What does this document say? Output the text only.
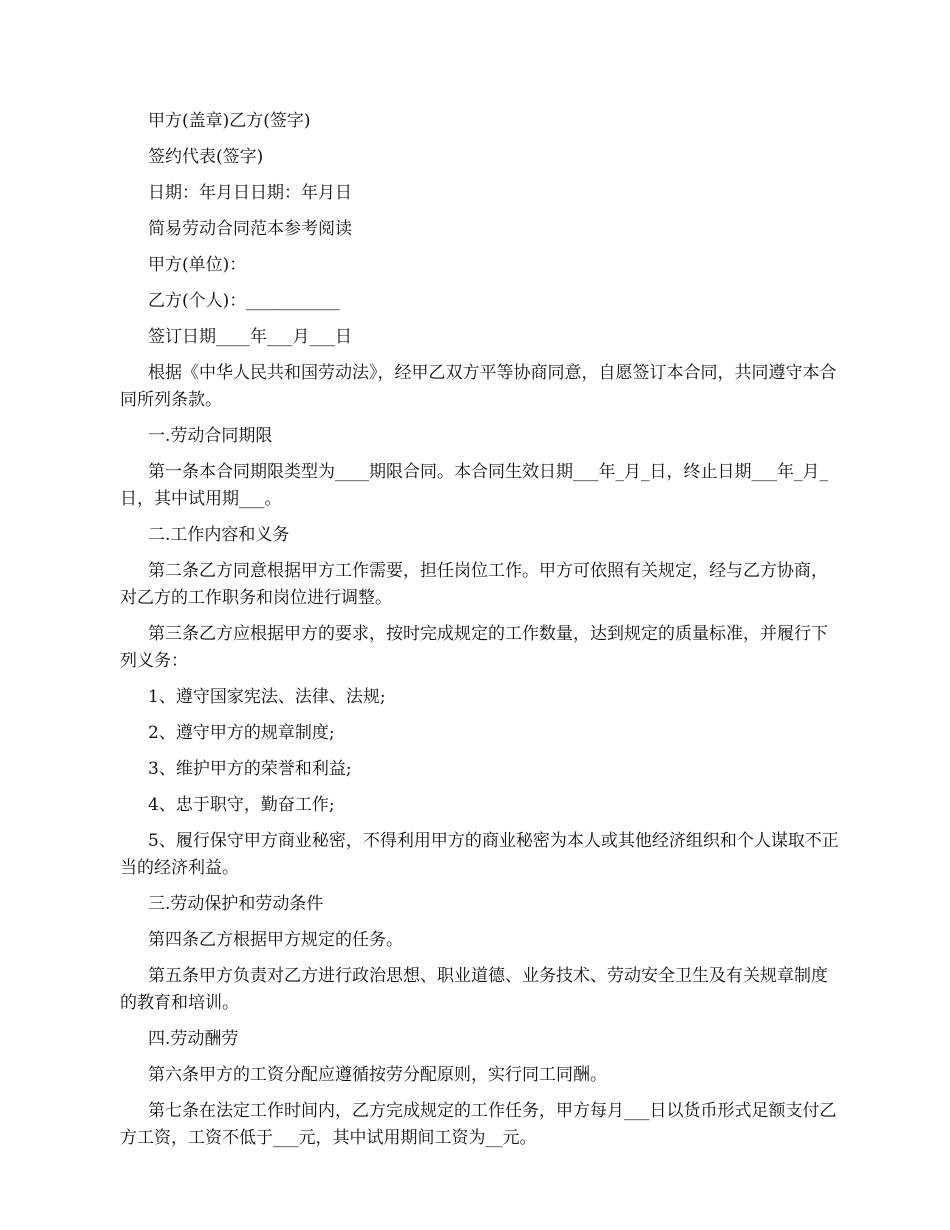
甲方(盖章)乙方(签字)

签约代表(签字)

日期：年月日日期：年月日

简易劳动合同范本参考阅读

甲方(单位)：

乙方(个人)：___________

签订日期____年___月___日

根据《中华人民共和国劳动法》，经甲乙双方平等协商同意，自愿签订本合同，共同遵守本合同所列条款。

一.劳动合同期限

第一条本合同期限类型为____期限合同。本合同生效日期___年_月_日，终止日期___年_月_日，其中试用期___。

二.工作内容和义务

第二条乙方同意根据甲方工作需要，担任岗位工作。甲方可依照有关规定，经与乙方协商，对乙方的工作职务和岗位进行调整。

第三条乙方应根据甲方的要求，按时完成规定的工作数量，达到规定的质量标准，并履行下列义务：

1、遵守国家宪法、法律、法规;

2、遵守甲方的规章制度;

3、维护甲方的荣誉和利益;

4、忠于职守，勤奋工作;

5、履行保守甲方商业秘密，不得利用甲方的商业秘密为本人或其他经济组织和个人谋取不正当的经济利益。

三.劳动保护和劳动条件

第四条乙方根据甲方规定的任务。

第五条甲方负责对乙方进行政治思想、职业道德、业务技术、劳动安全卫生及有关规章制度的教育和培训。

四.劳动酬劳

第六条甲方的工资分配应遵循按劳分配原则，实行同工同酬。

第七条在法定工作时间内，乙方完成规定的工作任务，甲方每月___日以货币形式足额支付乙方工资，工资不低于___元，其中试用期间工资为__元。
